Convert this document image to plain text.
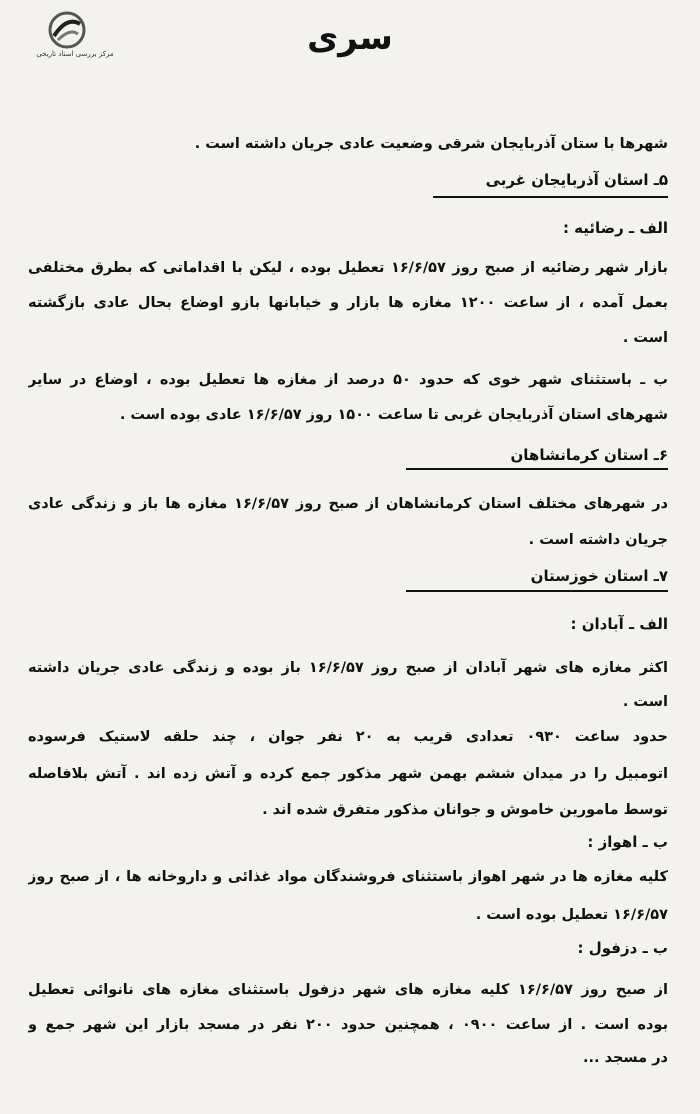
مرکز بررسی اسناد تاریخی	سری
شهرها با ستان آذربایجان شرقی وضعیت عادی جریان داشته است .
۵ـ استان آذربایجان غربی
الف ـ رضائیه :
بازار شهر رضائیه از صبح روز ۱۶/۶/۵۷ تعطیل بوده ، لیکن با اقداماتی که بطرق مختلفی
بعمل آمده ، از ساعت ۱۲۰۰ مغازه ها بازار و خیابانها بازو اوضاع بحال عادی بازگشته
است .
ب ـ باستثنای شهر خوی که حدود ۵۰ درصد از مغازه ها تعطیل بوده ، اوضاع در سایر
شهرهای استان آذربایجان غربی تا ساعت ۱۵۰۰ روز ۱۶/۶/۵۷ عادی بوده است .
۶ـ استان کرمانشاهان
در شهرهای مختلف استان کرمانشاهان از صبح روز ۱۶/۶/۵۷ مغازه ها باز و زندگی عادی
جریان داشته است .
۷ـ استان خوزستان
الف ـ آبادان :
اکثر مغازه های شهر آبادان از صبح روز ۱۶/۶/۵۷ باز بوده و زندگی عادی جریان داشته
است .
حدود ساعت ۰۹۳۰ تعدادی قریب به ۲۰ نفر جوان ، چند حلقه لاستیک فرسوده
اتومبیل را در میدان ششم بهمن شهر مذکور جمع کرده و آتش زده اند . آتش بلافاصله
توسط مامورین خاموش و جوانان مذکور متفرق شده اند .
ب ـ اهواز :
کلیه مغازه ها در شهر اهواز باستثنای فروشندگان مواد غذائی و داروخانه ها ، از صبح روز
۱۶/۶/۵۷ تعطیل بوده است .
ب ـ دزفول :
از صبح روز ۱۶/۶/۵۷ کلیه مغازه های شهر دزفول باستثنای مغازه های نانوائی تعطیل
بوده است . از ساعت ۰۹۰۰ ، همچنین حدود ۲۰۰ نفر در مسجد بازار این شهر جمع و
در مسجد ...
